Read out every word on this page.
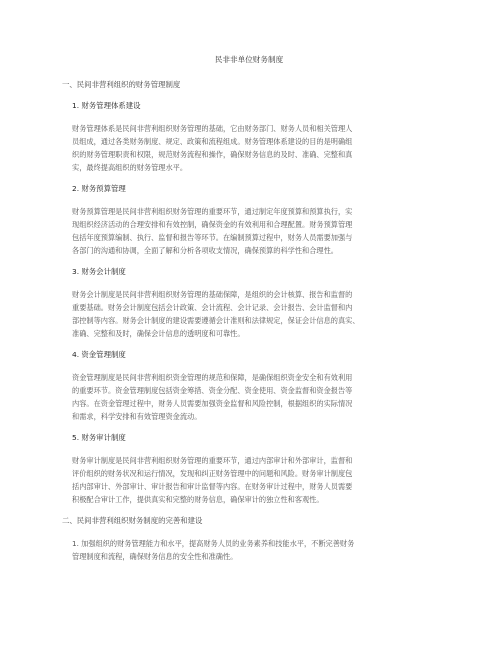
民非非单位财务制度
一、民间非营利组织的财务管理制度
1. 财务管理体系建设
财务管理体系是民间非营利组织财务管理的基础，它由财务部门、财务人员和相关管理人
员组成，通过各类财务制度、规定、政策和流程组成。财务管理体系建设的目的是明确组
织的财务管理职责和权限，规范财务流程和操作，确保财务信息的及时、准确、完整和真
实，最终提高组织的财务管理水平。
2. 财务预算管理
财务预算管理是民间非营利组织财务管理的重要环节，通过制定年度预算和预算执行，实
现组织经济活动的合理安排和有效控制，确保资金的有效利用和合理配置。财务预算管理
包括年度预算编制、执行、监督和报告等环节。在编制预算过程中，财务人员需要加强与
各部门的沟通和协调，全面了解和分析各项收支情况，确保预算的科学性和合理性。
3. 财务会计制度
财务会计制度是民间非营利组织财务管理的基础保障，是组织的会计核算、报告和监督的
重要基础。财务会计制度包括会计政策、会计流程、会计记录、会计报告、会计监督和内
部控制等内容。财务会计制度的建设需要遵循会计准则和法律规定，保证会计信息的真实、
准确、完整和及时，确保会计信息的透明度和可靠性。
4. 资金管理制度
资金管理制度是民间非营利组织资金管理的规范和保障，是确保组织资金安全和有效利用
的重要环节。资金管理制度包括资金筹措、资金分配、资金使用、资金监督和资金报告等
内容。在资金管理过程中，财务人员需要加强资金监督和风险控制，根据组织的实际情况
和需求，科学安排和有效管理资金流动。
5. 财务审计制度
财务审计制度是民间非营利组织财务管理的重要环节，通过内部审计和外部审计，监督和
评价组织的财务状况和运行情况，发现和纠正财务管理中的问题和风险。财务审计制度包
括内部审计、外部审计、审计报告和审计监督等内容。在财务审计过程中，财务人员需要
积极配合审计工作，提供真实和完整的财务信息，确保审计的独立性和客观性。
二、民间非营利组织财务制度的完善和建设
1. 加强组织的财务管理能力和水平，提高财务人员的业务素养和技能水平，不断完善财务
管理制度和流程，确保财务信息的安全性和准确性。
